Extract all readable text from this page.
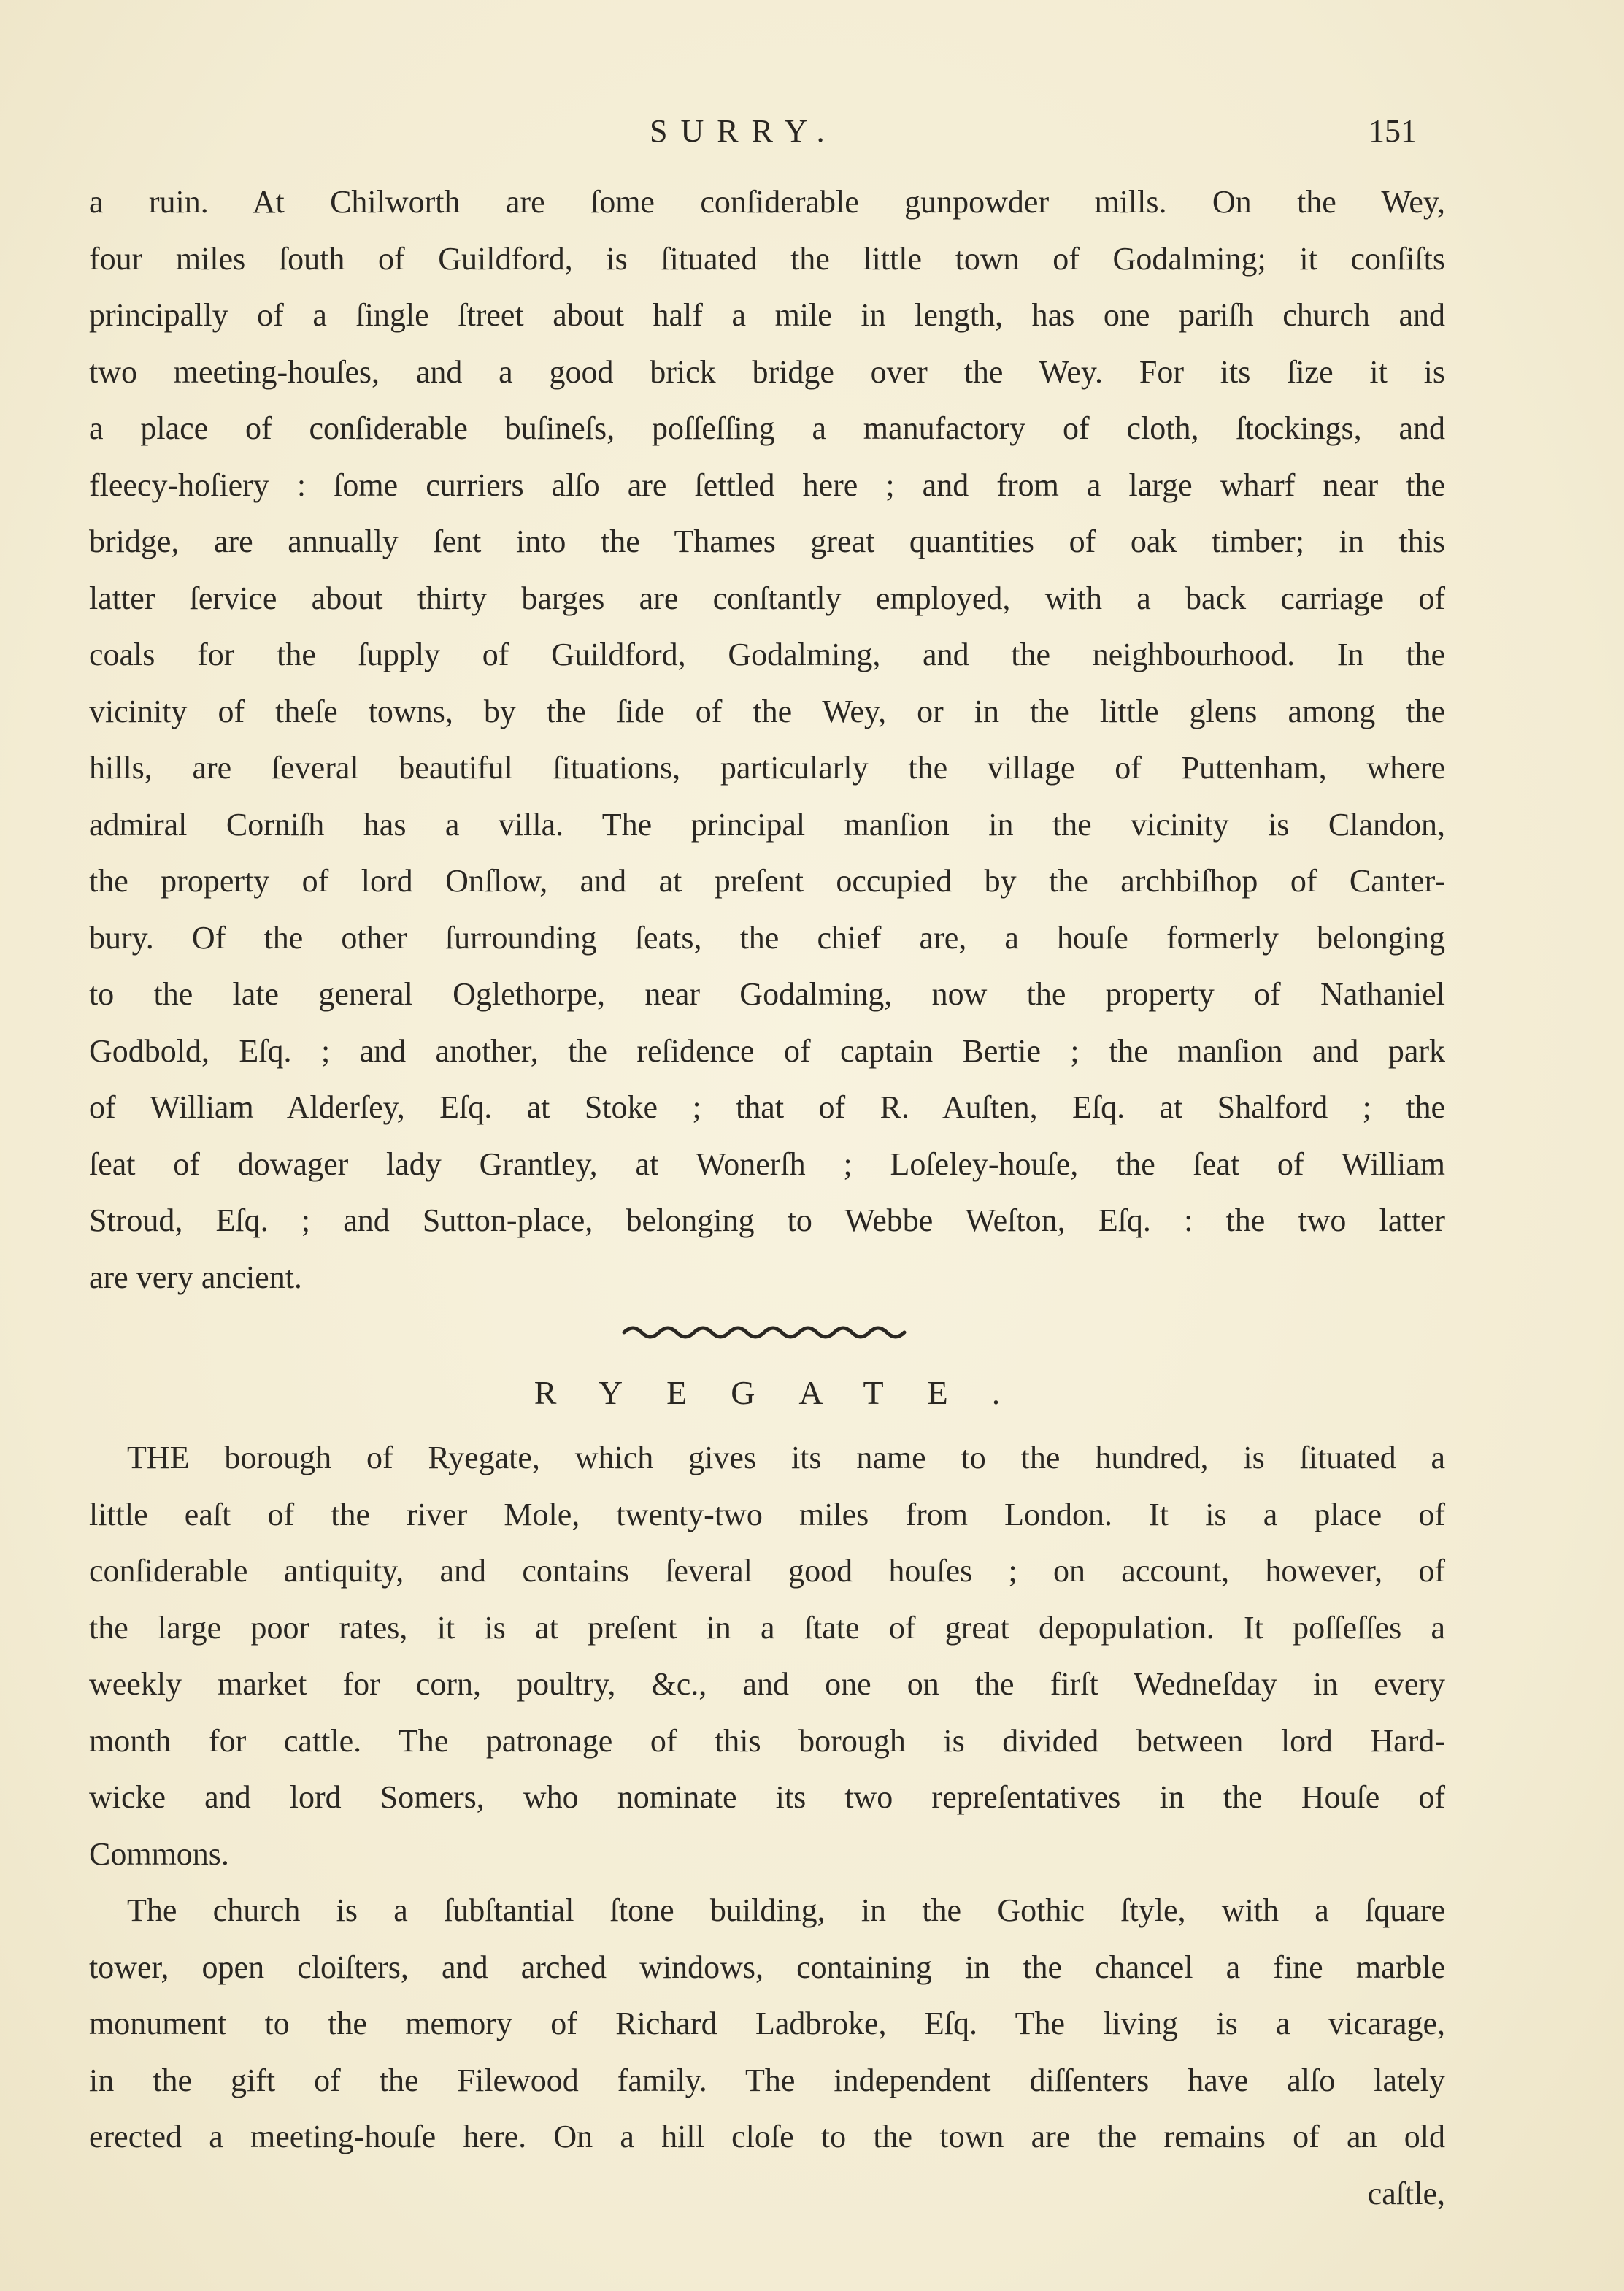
SURRY.	151
a ruin. At Chilworth are ſome conſiderable gunpowder mills. On the Wey,
four miles ſouth of Guildford, is ſituated the little town of Godalming; it conſiſts
principally of a ſingle ſtreet about half a mile in length, has one pariſh church and
two meeting-houſes, and a good brick bridge over the Wey. For its ſize it is
a place of conſiderable buſineſs, poſſeſſing a manufactory of cloth, ſtockings, and
fleecy-hoſiery : ſome curriers alſo are ſettled here ; and from a large wharf near the
bridge, are annually ſent into the Thames great quantities of oak timber; in this
latter ſervice about thirty barges are conſtantly employed, with a back carriage of
coals for the ſupply of Guildford, Godalming, and the neighbourhood. In the
vicinity of theſe towns, by the ſide of the Wey, or in the little glens among the
hills, are ſeveral beautiful ſituations, particularly the village of Puttenham, where
admiral Corniſh has a villa. The principal manſion in the vicinity is Clandon,
the property of lord Onſlow, and at preſent occupied by the archbiſhop of Canter-
bury. Of the other ſurrounding ſeats, the chief are, a houſe formerly belonging
to the late general Oglethorpe, near Godalming, now the property of Nathaniel
Godbold, Eſq. ; and another, the reſidence of captain Bertie ; the manſion and park
of William Alderſey, Eſq. at Stoke ; that of R. Auſten, Eſq. at Shalford ; the
ſeat of dowager lady Grantley, at Wonerſh ; Loſeley-houſe, the ſeat of William
Stroud, Eſq. ; and Sutton-place, belonging to Webbe Weſton, Eſq. : the two latter
are very ancient.
RYEGATE.
THE borough of Ryegate, which gives its name to the hundred, is ſituated a
little eaſt of the river Mole, twenty-two miles from London. It is a place of
conſiderable antiquity, and contains ſeveral good houſes ; on account, however, of
the large poor rates, it is at preſent in a ſtate of great depopulation. It poſſeſſes a
weekly market for corn, poultry, &c., and one on the firſt Wedneſday in every
month for cattle. The patronage of this borough is divided between lord Hard-
wicke and lord Somers, who nominate its two repreſentatives in the Houſe of
Commons.
The church is a ſubſtantial ſtone building, in the Gothic ſtyle, with a ſquare
tower, open cloiſters, and arched windows, containing in the chancel a fine marble
monument to the memory of Richard Ladbroke, Eſq. The living is a vicarage,
in the gift of the Filewood family. The independent diſſenters have alſo lately
erected a meeting-houſe here. On a hill cloſe to the town are the remains of an old
caſtle,
